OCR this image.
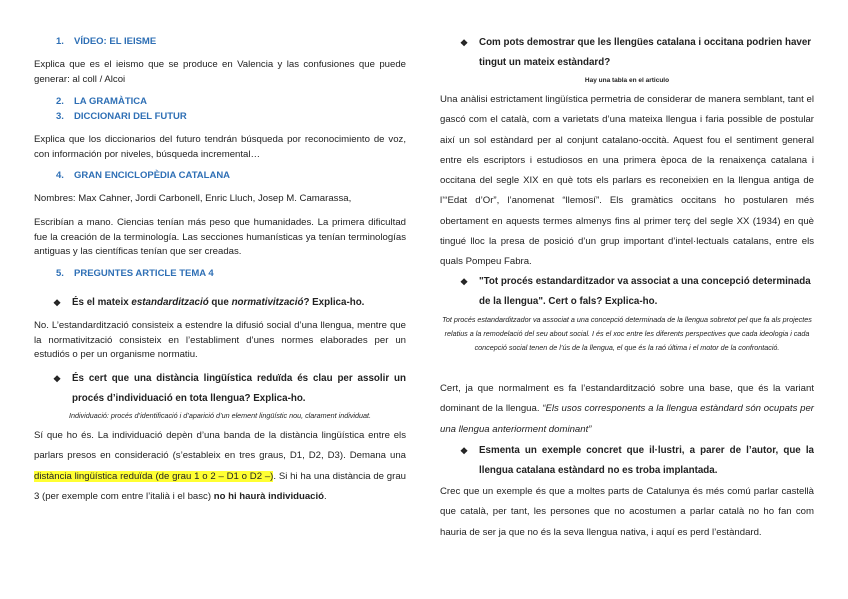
1. VÍDEO: EL IEISME
Explica que es el ieismo que se produce en Valencia y las confusiones que puede generar: al coll / Alcoi
2. LA GRAMÀTICA
3. DICCIONARI DEL FUTUR
Explica que los diccionarios del futuro tendrán búsqueda por reconocimiento de voz, con información por niveles, búsqueda incremental…
4. GRAN ENCICLOPÈDIA CATALANA
Nombres: Max Cahner, Jordi Carbonell, Enric Lluch, Josep M. Camarassa,
Escribían a mano. Ciencias tenían más peso que humanidades. La primera dificultad fue la creación de la terminología. Las secciones humanísticas ya tenían terminologías antiguas y las científicas tenían que ser creadas.
5. PREGUNTES ARTICLE TEMA 4
❖ És el mateix estandardització que normativització? Explica-ho.
No. L’estandardització consisteix a estendre la difusió social d’una llengua, mentre que la normativització consisteix en l’establiment d’unes normes elaborades per un estudiós o per un organisme normatiu.
❖ És cert que una distància lingüística reduïda és clau per assolir un procés d’individuació en tota llengua? Explica-ho.
Individuació: procés d’identificació i d’aparició d’un element lingüístic nou, clarament individuat.
Sí que ho és. La individuació depèn d’una banda de la distància lingüística entre els parlars presos en consideració (s’estableix en tres graus, D1, D2, D3). Demana una distància lingüística reduïda (de grau 1 o 2 – D1 o D2 –). Si hi ha una distància de grau 3 (per exemple com entre l’italià i el basc) no hi haurà individuació.
❖ Com pots demostrar que les llengües catalana i occitana podrien haver tingut un mateix estàndard?
Hay una tabla en el articulo
Una anàlisi estrictament lingüística permetria de considerar de manera semblant, tant el gascó com el català, com a varietats d’una mateixa llengua i faria possible de postular així un sol estàndard per al conjunt catalano-occità. Aquest fou el sentiment general entre els escriptors i estudiosos en una primera època de la renaixença catalana i occitana del segle XIX en què tots els parlars es reconeixien en la llengua antiga de l’“Edat d’Or”, l’anomenat “llemosí”. Els gramàtics occitans ho postularen més obertament en aquests termes almenys fins al primer terç del segle XX (1934) en què tingué lloc la presa de posició d’un grup important d’intel·lectuals catalans, entre els quals Pompeu Fabra.
❖ "Tot procés estandarditzador va associat a una concepció determinada de la llengua". Cert o fals? Explica-ho.
Tot procés estandarditzador va associat a una concepció determinada de la llengua sobretot pel que fa als projectes relatius a la remodelació del seu about social. I és el xoc entre les diferents perspectives que cada ideologia i cada concepció social tenen de l’ús de la llengua, el que és la raó última i el motor de la confrontació.
Cert, ja que normalment es fa l’estandardització sobre una base, que és la variant dominant de la llengua. “Els usos corresponents a la llengua estàndard són ocupats per una llengua anteriorment dominant”
❖ Esmenta un exemple concret que il·lustri, a parer de l’autor, que la llengua catalana estàndard no es troba implantada.
Crec que un exemple és que a moltes parts de Catalunya és més comú parlar castellà que català, per tant, les persones que no acostumen a parlar català no ho fan com hauria de ser ja que no és la seva llengua nativa, i aquí es perd l’estàndard.
